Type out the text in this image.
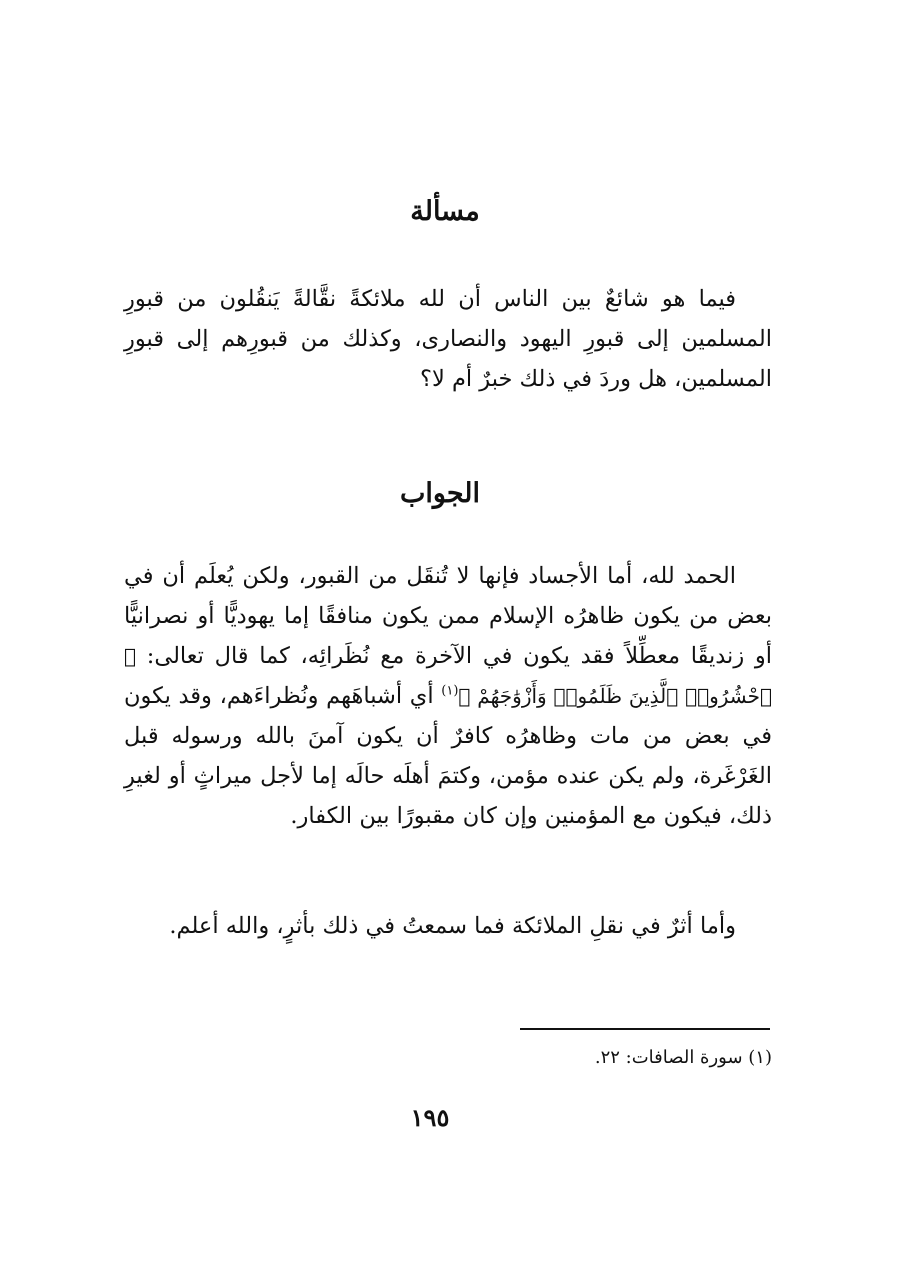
مسألة

فيما هو شائعٌ بين الناس أن لله ملائكةً نقَّالةً يَنقُلون من قبورِ المسلمين إلى قبورِ اليهود والنصارى، وكذلك من قبورِهم إلى قبورِ المسلمين، هل وردَ في ذلك خبرٌ أم لا؟

الجواب

الحمد لله، أما الأجساد فإنها لا تُنقَل من القبور، ولكن يُعلَم أن في بعض من يكون ظاهرُه الإسلام ممن يكون منافقًا إما يهوديًّا أو نصرانيًّا أو زنديقًا معطِّلاً فقد يكون في الآخرة مع نُظَرائِه، كما قال تعالى: ﴿ ٱحْشُرُوا۟ ٱلَّذِينَ ظَلَمُوا۟ وَأَزْوَٰجَهُمْ ﴾$^{(١)}$ أي أشباهَهم ونُظراءَهم، وقد يكون في بعض من مات وظاهرُه كافرٌ أن يكون آمنَ بالله ورسوله قبل الغَرْغَرة، ولم يكن عنده مؤمن، وكتمَ أهلَه حالَه إما لأجل ميراثٍ أو لغيرِ ذلك، فيكون مع المؤمنين وإن كان مقبورًا بين الكفار.

وأما أثرٌ في نقلِ الملائكة فما سمعتُ في ذلك بأثرٍ، والله أعلم.

(١) سورة الصافات: ٢٢.
١٩٥
